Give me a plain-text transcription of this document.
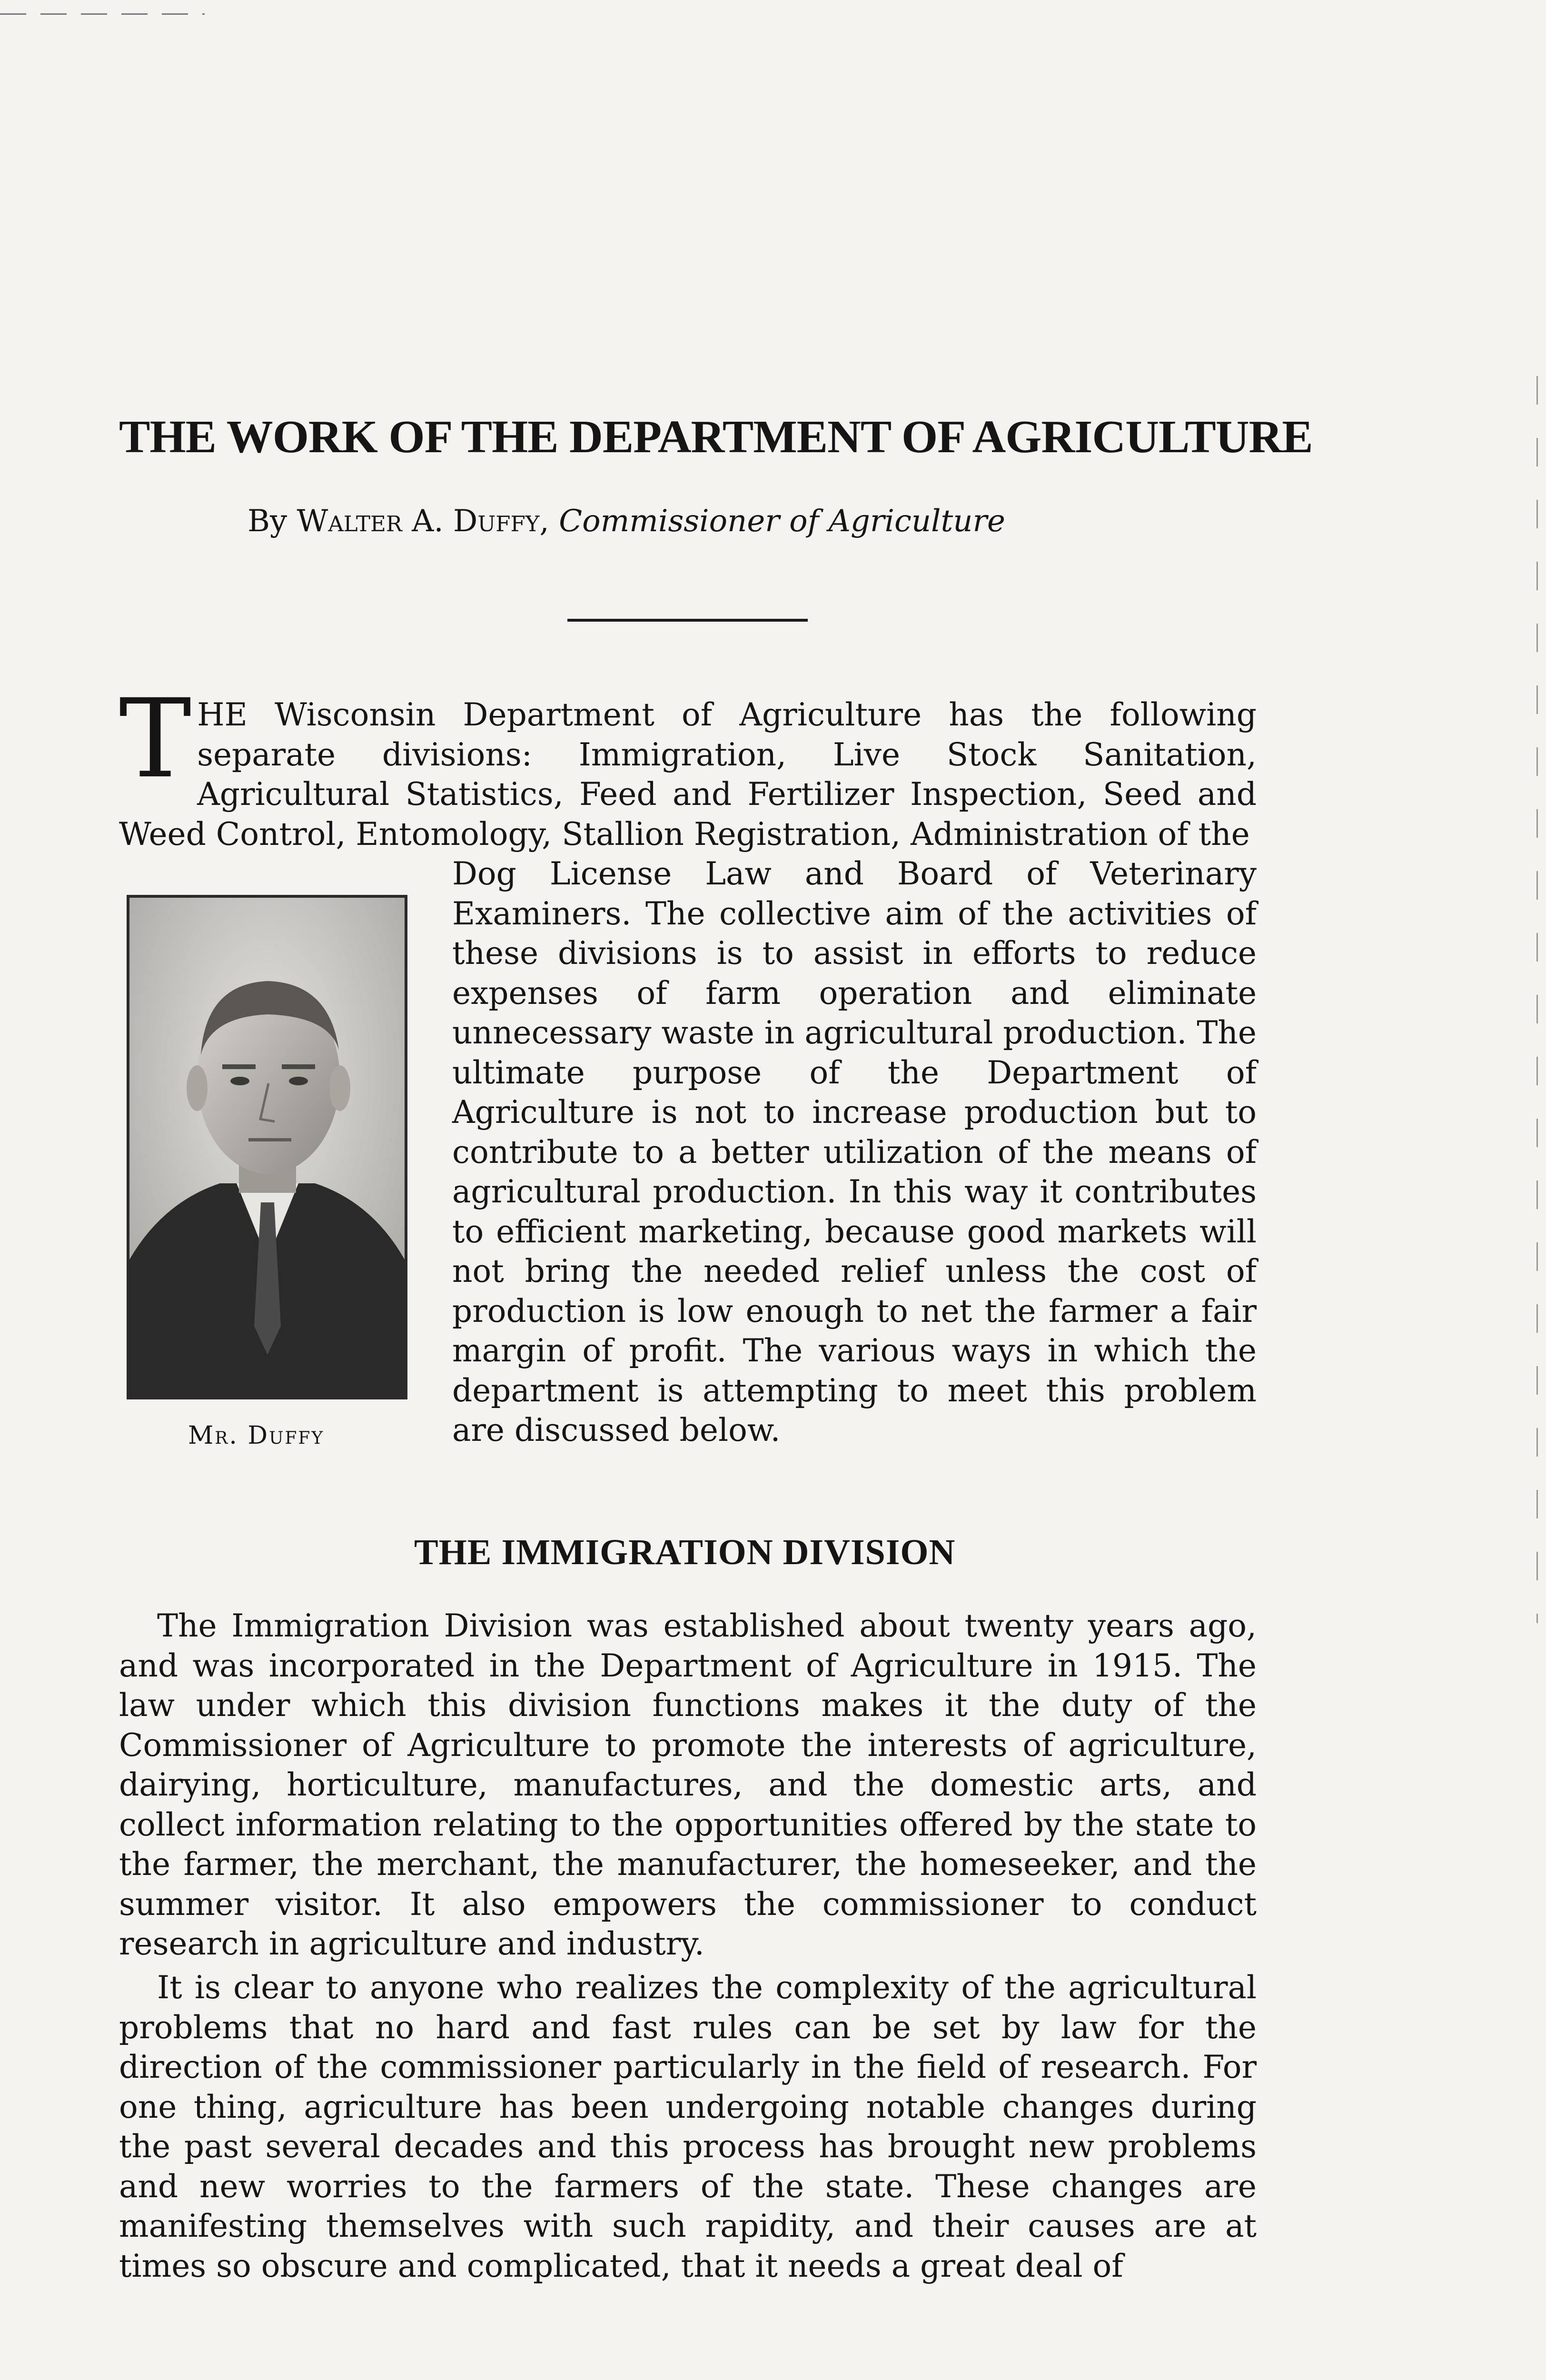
THE WORK OF THE DEPARTMENT OF AGRICULTURE
By Walter A. Duffy, Commissioner of Agriculture

THE Wisconsin Department of Agriculture has the following separate divisions: Immigration, Live Stock Sanitation, Agricultural Statistics, Feed and Fertilizer Inspection, Seed and Weed Control, Entomology, Stallion Registration, Administration of the

Dog License Law and Board of Veterinary Examiners. The collective aim of the activities of these divisions is to assist in efforts to reduce expenses of farm operation and eliminate unnecessary waste in agricultural production. The ultimate purpose of the Department of Agriculture is not to increase production but to contribute to a better utilization of the means of agricultural production. In this way it contributes to efficient marketing, because good markets will not bring the needed relief unless the cost of production is low enough to net the farmer a fair margin of profit. The various ways in which the department is attempting to meet this problem are discussed below.

Mr. Duffy
THE IMMIGRATION DIVISION

The Immigration Division was established about twenty years ago, and was incorporated in the Department of Agriculture in 1915. The law under which this division functions makes it the duty of the Commissioner of Agriculture to promote the interests of agriculture, dairying, horticulture, manufactures, and the domestic arts, and collect information relating to the opportunities offered by the state to the farmer, the merchant, the manufacturer, the homeseeker, and the summer visitor. It also empowers the commissioner to conduct research in agriculture and industry.

It is clear to anyone who realizes the complexity of the agricultural problems that no hard and fast rules can be set by law for the direction of the commissioner particularly in the field of research. For one thing, agriculture has been undergoing notable changes during the past several decades and this process has brought new problems and new worries to the farmers of the state. These changes are manifesting themselves with such rapidity, and their causes are at times so obscure and complicated, that it needs a great deal of
